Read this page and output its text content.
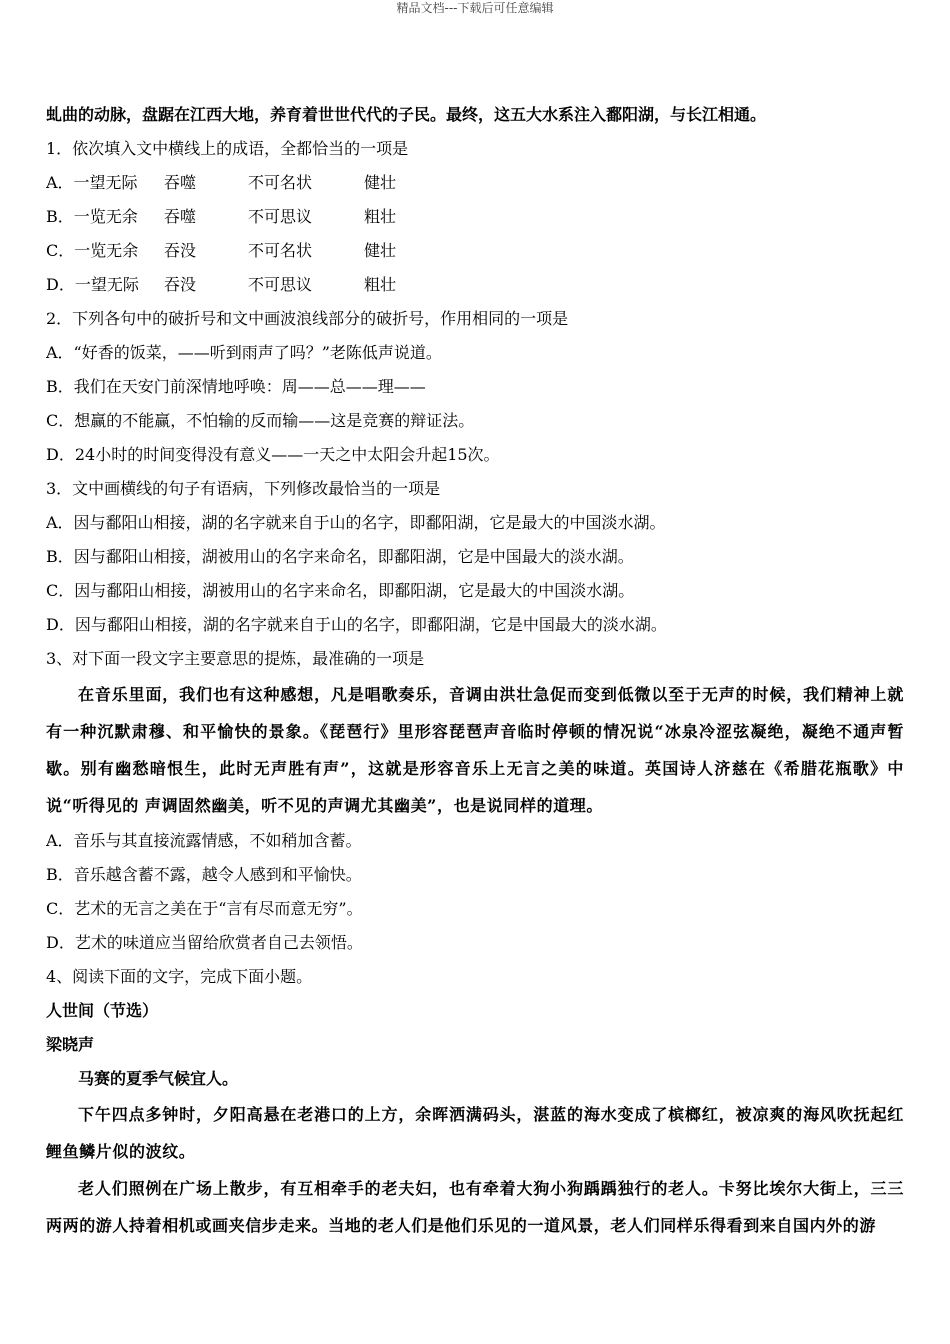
精品文档---下载后可任意编辑
虬曲的动脉，盘踞在江西大地，养育着世世代代的子民。最终，这五大水系注入鄱阳湖，与长江相通。
1．依次填入文中横线上的成语，全都恰当的一项是
A．一望无际 吞噬	不可名状	健壮
B．一览无余 吞噬	不可思议	粗壮
C．一览无余 吞没	不可名状	健壮
D．一望无际 吞没	不可思议	粗壮
2．下列各句中的破折号和文中画波浪线部分的破折号，作用相同的一项是
A．“好香的饭菜，——听到雨声了吗？”老陈低声说道。
B．我们在天安门前深情地呼唤：周——总——理——
C．想赢的不能赢，不怕输的反而输——这是竞赛的辩证法。
D．24小时的时间变得没有意义——一天之中太阳会升起15次。
3．文中画横线的句子有语病，下列修改最恰当的一项是
A．因与鄱阳山相接，湖的名字就来自于山的名字，即鄱阳湖，它是最大的中国淡水湖。
B．因与鄱阳山相接，湖被用山的名字来命名，即鄱阳湖，它是中国最大的淡水湖。
C．因与鄱阳山相接，湖被用山的名字来命名，即鄱阳湖，它是最大的中国淡水湖。
D．因与鄱阳山相接，湖的名字就来自于山的名字，即鄱阳湖，它是中国最大的淡水湖。
3、对下面一段文字主要意思的提炼，最准确的一项是
在音乐里面，我们也有这种感想，凡是唱歌奏乐，音调由洪壮急促而变到低微以至于无声的时候，我们精神上就有一种沉默肃穆、和平愉快的景象。《琵琶行》里形容琵琶声音临时停顿的情况说“冰泉冷涩弦凝绝，凝绝不通声暂歇。别有幽愁暗恨生，此时无声胜有声”，这就是形容音乐上无言之美的味道。英国诗人济慈在《希腊花瓶歌》中说“听得见的 声调固然幽美，听不见的声调尤其幽美”，也是说同样的道理。
A．音乐与其直接流露情感，不如稍加含蓄。
B．音乐越含蓄不露，越令人感到和平愉快。
C．艺术的无言之美在于“言有尽而意无穷”。
D．艺术的味道应当留给欣赏者自己去领悟。
4、阅读下面的文字，完成下面小题。
人世间（节选）
梁晓声
马赛的夏季气候宜人。
下午四点多钟时，夕阳高悬在老港口的上方，余晖洒满码头，湛蓝的海水变成了槟榔红，被凉爽的海风吹抚起红鲤鱼鳞片似的波纹。
老人们照例在广场上散步，有互相牵手的老夫妇，也有牵着大狗小狗踽踽独行的老人。卡努比埃尔大街上，三三两两的游人持着相机或画夹信步走来。当地的老人们是他们乐见的一道风景，老人们同样乐得看到来自国内外的游
